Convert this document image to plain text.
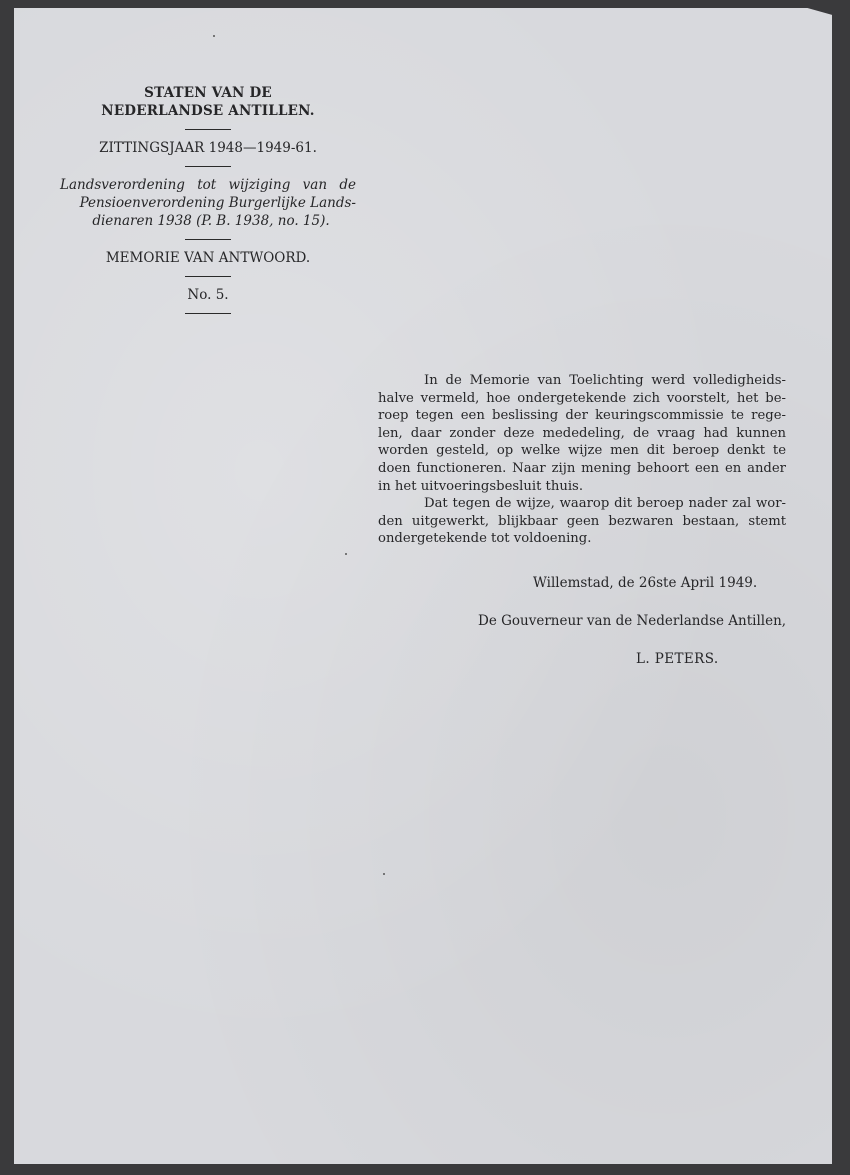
STATEN VAN DE
NEDERLANDSE ANTILLEN.
ZITTINGSJAAR 1948—1949-61.
Landsverordening tot wijziging van de
Pensioenverordening Burgerlijke Lands-
dienaren 1938 (P. B. 1938, no. 15).
MEMORIE VAN ANTWOORD.
No. 5.
In de Memorie van Toelichting werd volledigheids-
halve vermeld, hoe ondergetekende zich voorstelt, het be-
roep tegen een beslissing der keuringscommissie te rege-
len, daar zonder deze mededeling, de vraag had kunnen
worden gesteld, op welke wijze men dit beroep denkt te
doen functioneren. Naar zijn mening behoort een en ander
in het uitvoeringsbesluit thuis.
Dat tegen de wijze, waarop dit beroep nader zal wor-
den uitgewerkt, blijkbaar geen bezwaren bestaan, stemt
ondergetekende tot voldoening.
Willemstad, de 26ste April 1949.
De Gouverneur van de Nederlandse Antillen,
L. PETERS.
